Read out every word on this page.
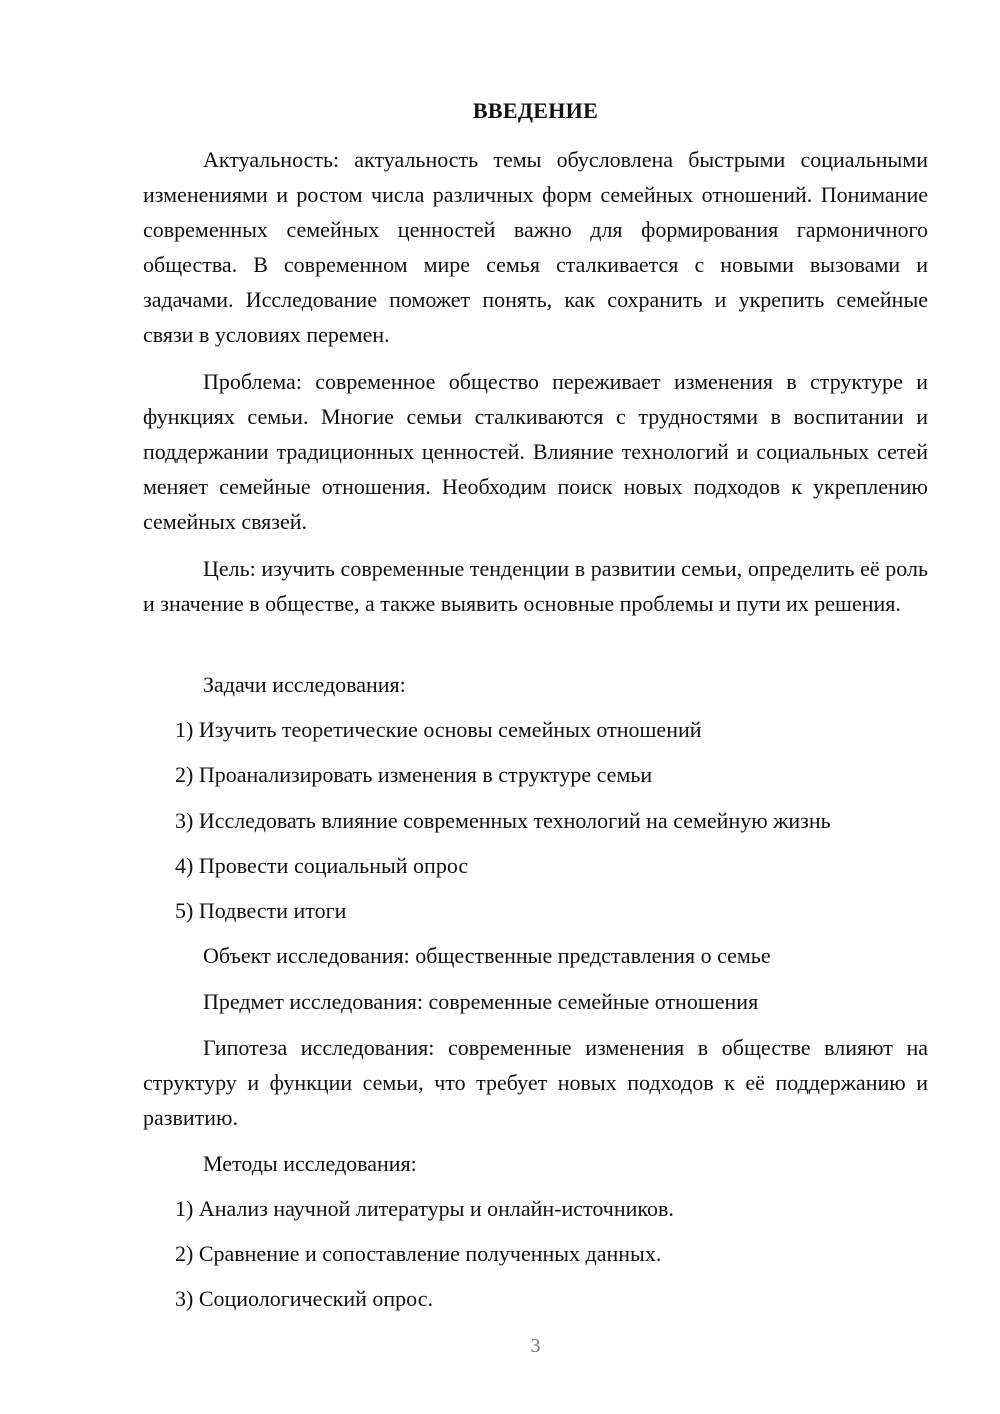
ВВЕДЕНИЕ

Актуальность: актуальность темы обусловлена быстрыми социальными изменениями и ростом числа различных форм семейных отношений. Понимание современных семейных ценностей важно для формирования гармоничного общества. В современном мире семья сталкивается с новыми вызовами и задачами. Исследование поможет понять, как сохранить и укрепить семейные связи в условиях перемен.

Проблема: современное общество переживает изменения в структуре и функциях семьи. Многие семьи сталкиваются с трудностями в воспитании и поддержании традиционных ценностей. Влияние технологий и социальных сетей меняет семейные отношения. Необходим поиск новых подходов к укреплению семейных связей.

Цель: изучить современные тенденции в развитии семьи, определить её роль и значение в обществе, а также выявить основные проблемы и пути их решения.

Задачи исследования:

1) Изучить теоретические основы семейных отношений

2) Проанализировать изменения в структуре семьи

3) Исследовать влияние современных технологий на семейную жизнь

4) Провести социальный опрос

5) Подвести итоги

Объект исследования: общественные представления о семье

Предмет исследования: современные семейные отношения

Гипотеза исследования: современные изменения в обществе влияют на структуру и функции семьи, что требует новых подходов к её поддержанию и развитию.

Методы исследования:

1) Анализ научной литературы и онлайн-источников.

2) Сравнение и сопоставление полученных данных.

3) Социологический опрос.

3
